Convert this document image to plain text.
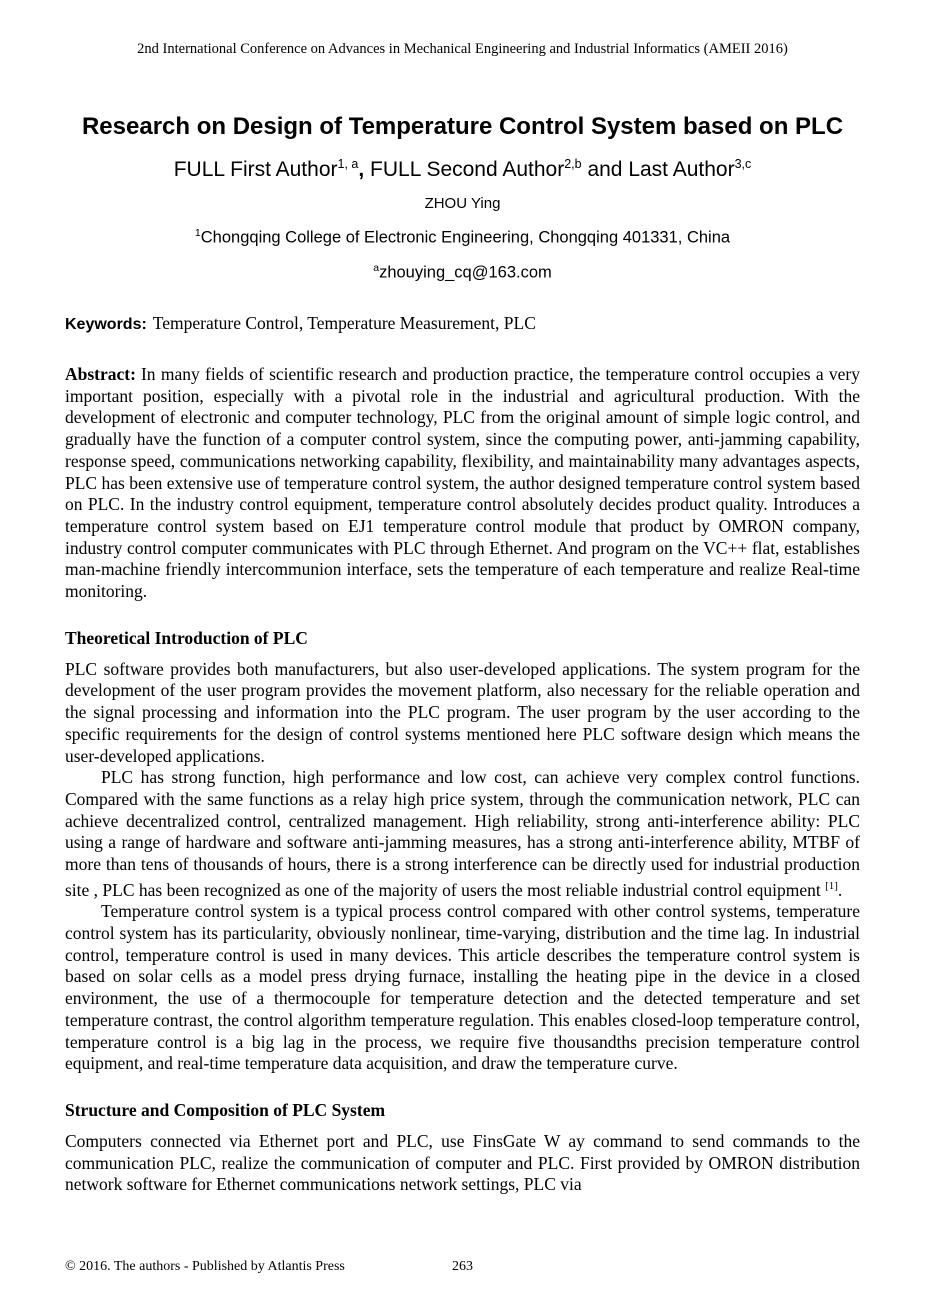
2nd International Conference on Advances in Mechanical Engineering and Industrial Informatics (AMEII 2016)
Research on Design of Temperature Control System based on PLC
FULL First Author$^{1, a}$, FULL Second Author$^{2,b}$ and Last Author$^{3,c}$
ZHOU Ying
$^1$Chongqing College of Electronic Engineering, Chongqing 401331, China
$^a$zhouying_cq@163.com
Keywords: Temperature Control, Temperature Measurement, PLC
Abstract: In many fields of scientific research and production practice, the temperature control occupies a very important position, especially with a pivotal role in the industrial and agricultural production. With the development of electronic and computer technology, PLC from the original amount of simple logic control, and gradually have the function of a computer control system, since the computing power, anti-jamming capability, response speed, communications networking capability, flexibility, and maintainability many advantages aspects, PLC has been extensive use of temperature control system, the author designed temperature control system based on PLC. In the industry control equipment, temperature control absolutely decides product quality. Introduces a temperature control system based on EJ1 temperature control module that product by OMRON company, industry control computer communicates with PLC through Ethernet. And program on the VC++ flat, establishes man-machine friendly intercommunion interface, sets the temperature of each temperature and realize Real-time monitoring.
Theoretical Introduction of PLC

PLC software provides both manufacturers, but also user-developed applications. The system program for the development of the user program provides the movement platform, also necessary for the reliable operation and the signal processing and information into the PLC program. The user program by the user according to the specific requirements for the design of control systems mentioned here PLC software design which means the user-developed applications.

PLC has strong function, high performance and low cost, can achieve very complex control functions. Compared with the same functions as a relay high price system, through the communication network, PLC can achieve decentralized control, centralized management. High reliability, strong anti-interference ability: PLC using a range of hardware and software anti-jamming measures, has a strong anti-interference ability, MTBF of more than tens of thousands of hours, there is a strong interference can be directly used for industrial production site , PLC has been recognized as one of the majority of users the most reliable industrial control equipment [1].

Temperature control system is a typical process control compared with other control systems, temperature control system has its particularity, obviously nonlinear, time-varying, distribution and the time lag. In industrial control, temperature control is used in many devices. This article describes the temperature control system is based on solar cells as a model press drying furnace, installing the heating pipe in the device in a closed environment, the use of a thermocouple for temperature detection and the detected temperature and set temperature contrast, the control algorithm temperature regulation. This enables closed-loop temperature control, temperature control is a big lag in the process, we require five thousandths precision temperature control equipment, and real-time temperature data acquisition, and draw the temperature curve.

Structure and Composition of PLC System

Computers connected via Ethernet port and PLC, use FinsGate W ay command to send commands to the communication PLC, realize the communication of computer and PLC. First provided by OMRON distribution network software for Ethernet communications network settings, PLC via

© 2016. The authors - Published by Atlantis Press	263
